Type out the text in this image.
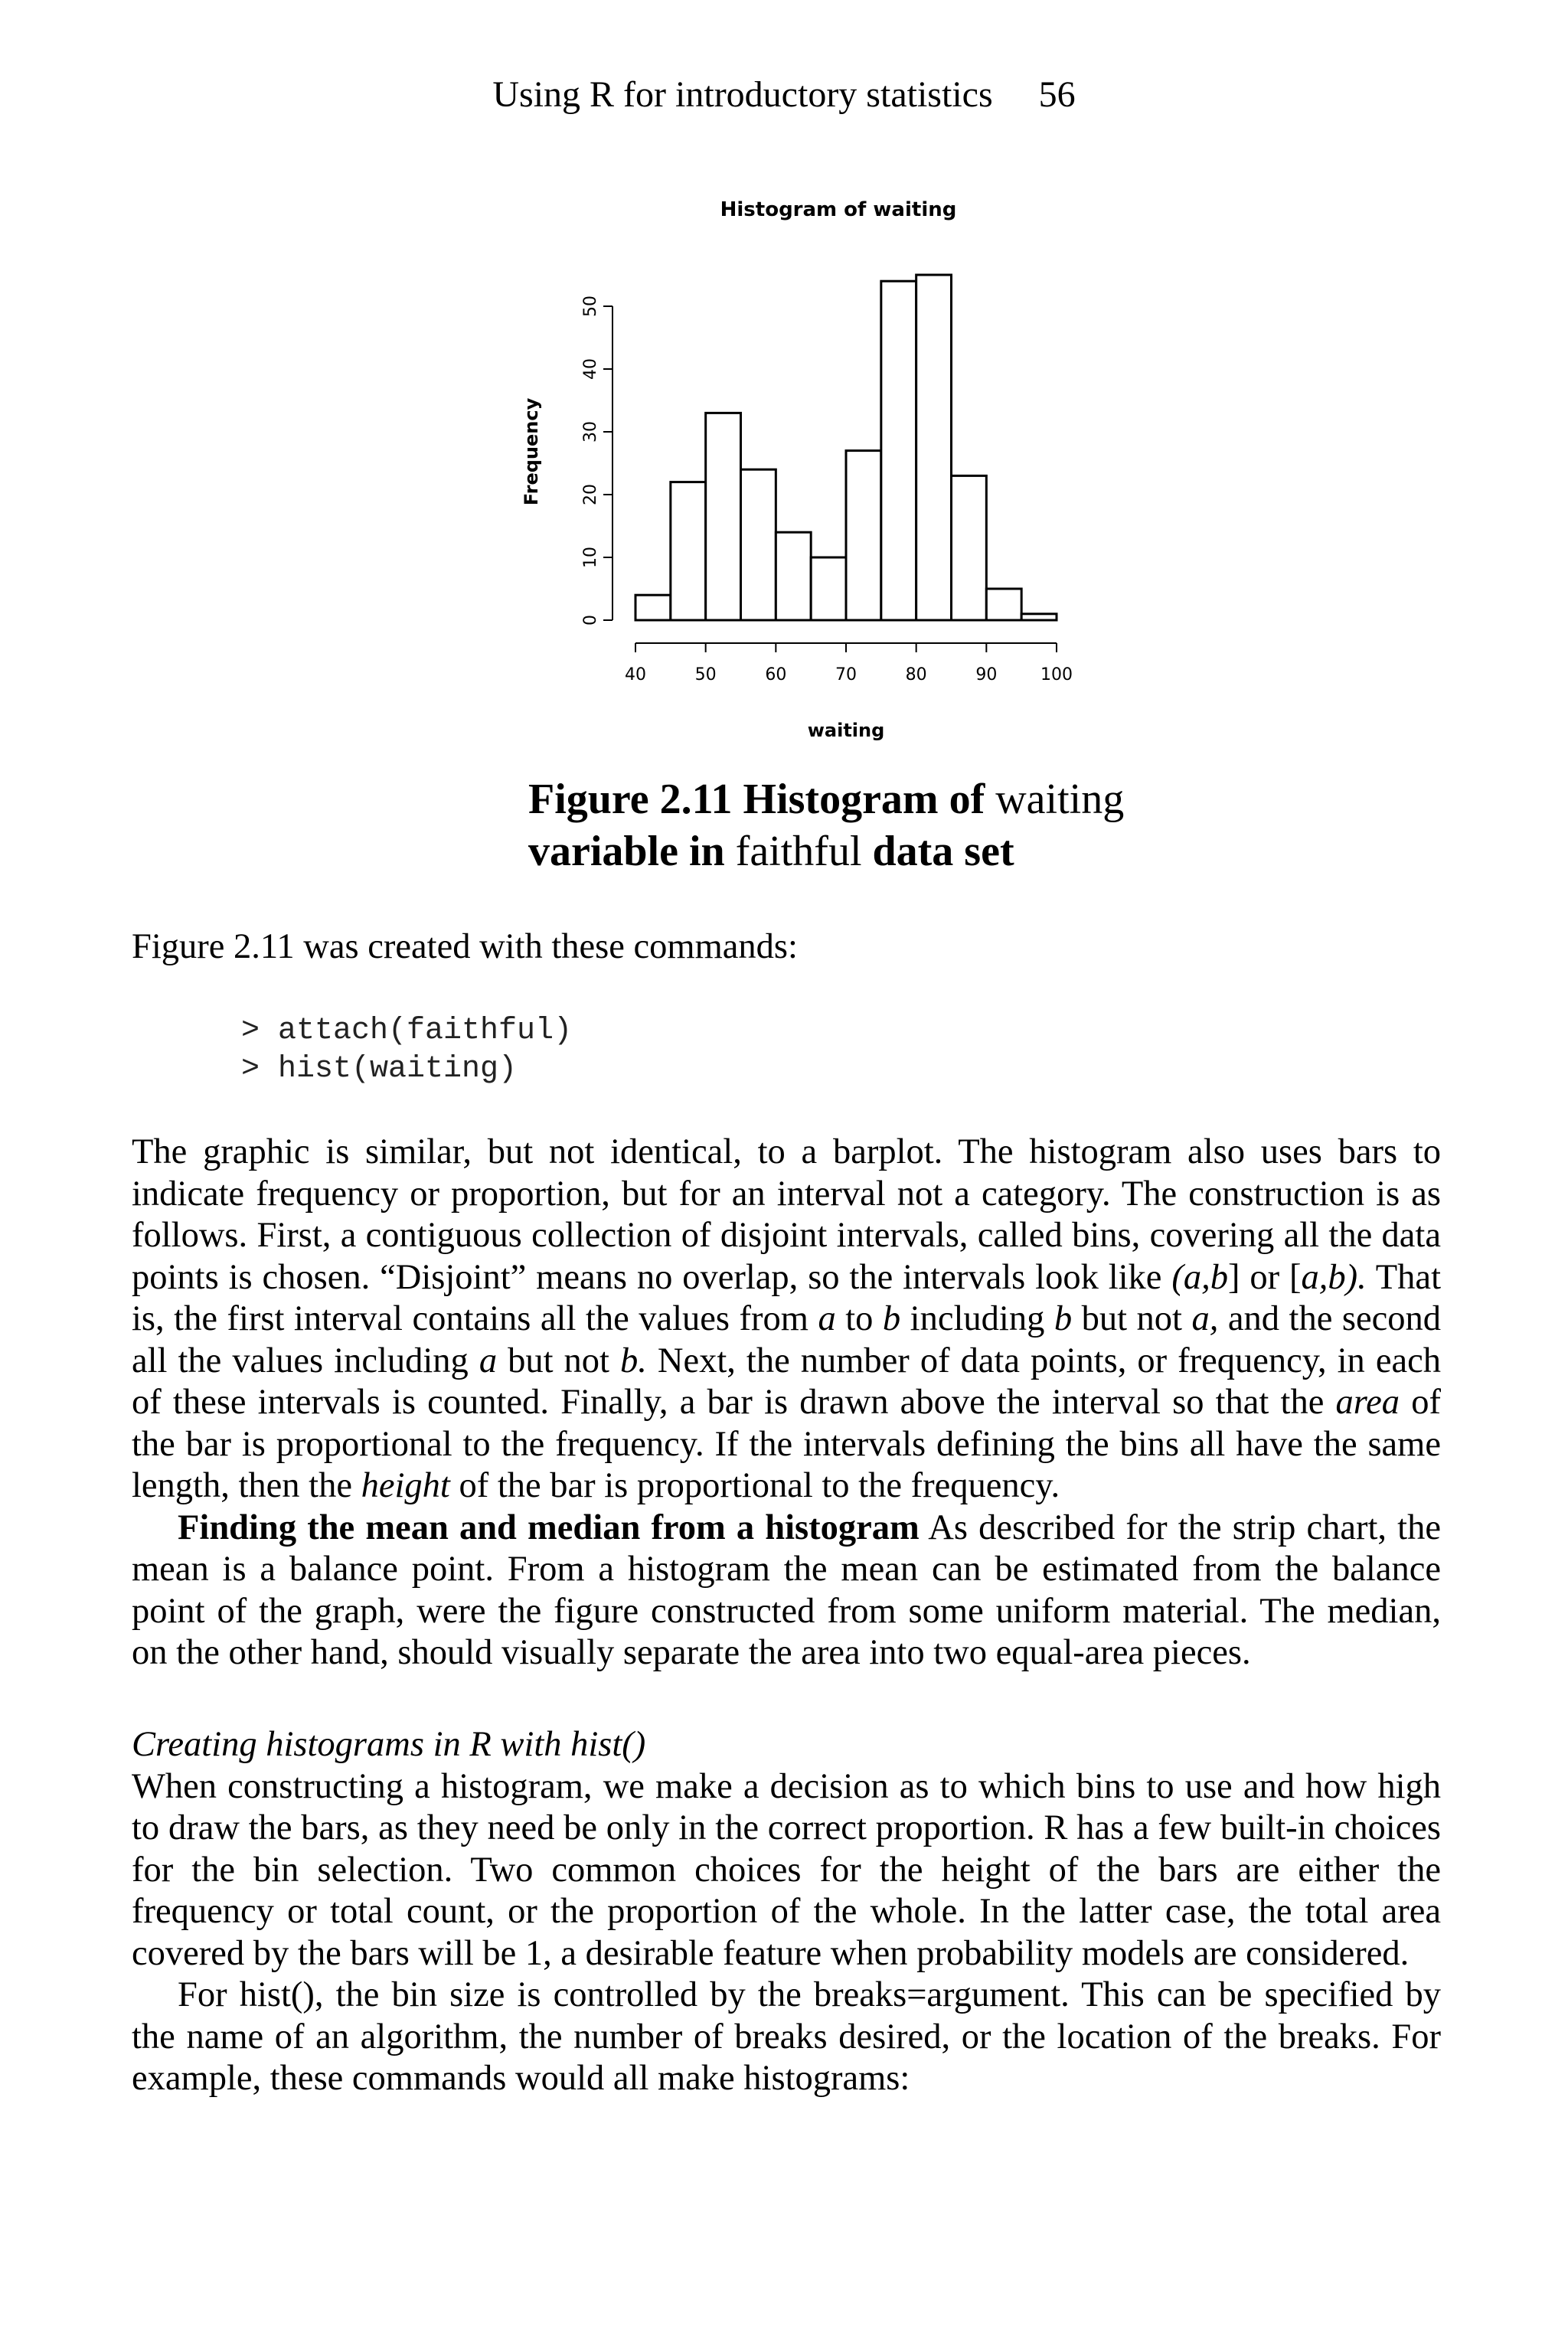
Using R for introductory statistics 56
Histogram of waiting
0
10
20
30
40
50
40	50	60	70	80	90	100
Frequency
waiting
Figure 2.11 Histogram of waiting
variable in faithful data set
Figure 2.11 was created with these commands:
> attach(faithful)
> hist(waiting)

The graphic is similar, but not identical, to a barplot. The histogram also uses bars to indicate frequency or proportion, but for an interval not a category. The construction is as follows. First, a contiguous collection of disjoint intervals, called bins, covering all the data points is chosen. “Disjoint” means no overlap, so the intervals look like (a,b] or [a,b). That is, the first interval contains all the values from a to b including b but not a, and the second all the values including a but not b. Next, the number of data points, or frequency, in each of these intervals is counted. Finally, a bar is drawn above the interval so that the area of the bar is proportional to the frequency. If the intervals defining the bins all have the same length, then the height of the bar is proportional to the frequency.

Finding the mean and median from a histogram As described for the strip chart, the mean is a balance point. From a histogram the mean can be estimated from the balance point of the graph, were the figure constructed from some uniform material. The median, on the other hand, should visually separate the area into two equal-area pieces.

Creating histograms in R with hist()

When constructing a histogram, we make a decision as to which bins to use and how high to draw the bars, as they need be only in the correct proportion. R has a few built-in choices for the bin selection. Two common choices for the height of the bars are either the frequency or total count, or the proportion of the whole. In the latter case, the total area covered by the bars will be 1, a desirable feature when probability models are considered.

For hist(), the bin size is controlled by the breaks=argument. This can be specified by the name of an algorithm, the number of breaks desired, or the location of the breaks. For example, these commands would all make histograms:
